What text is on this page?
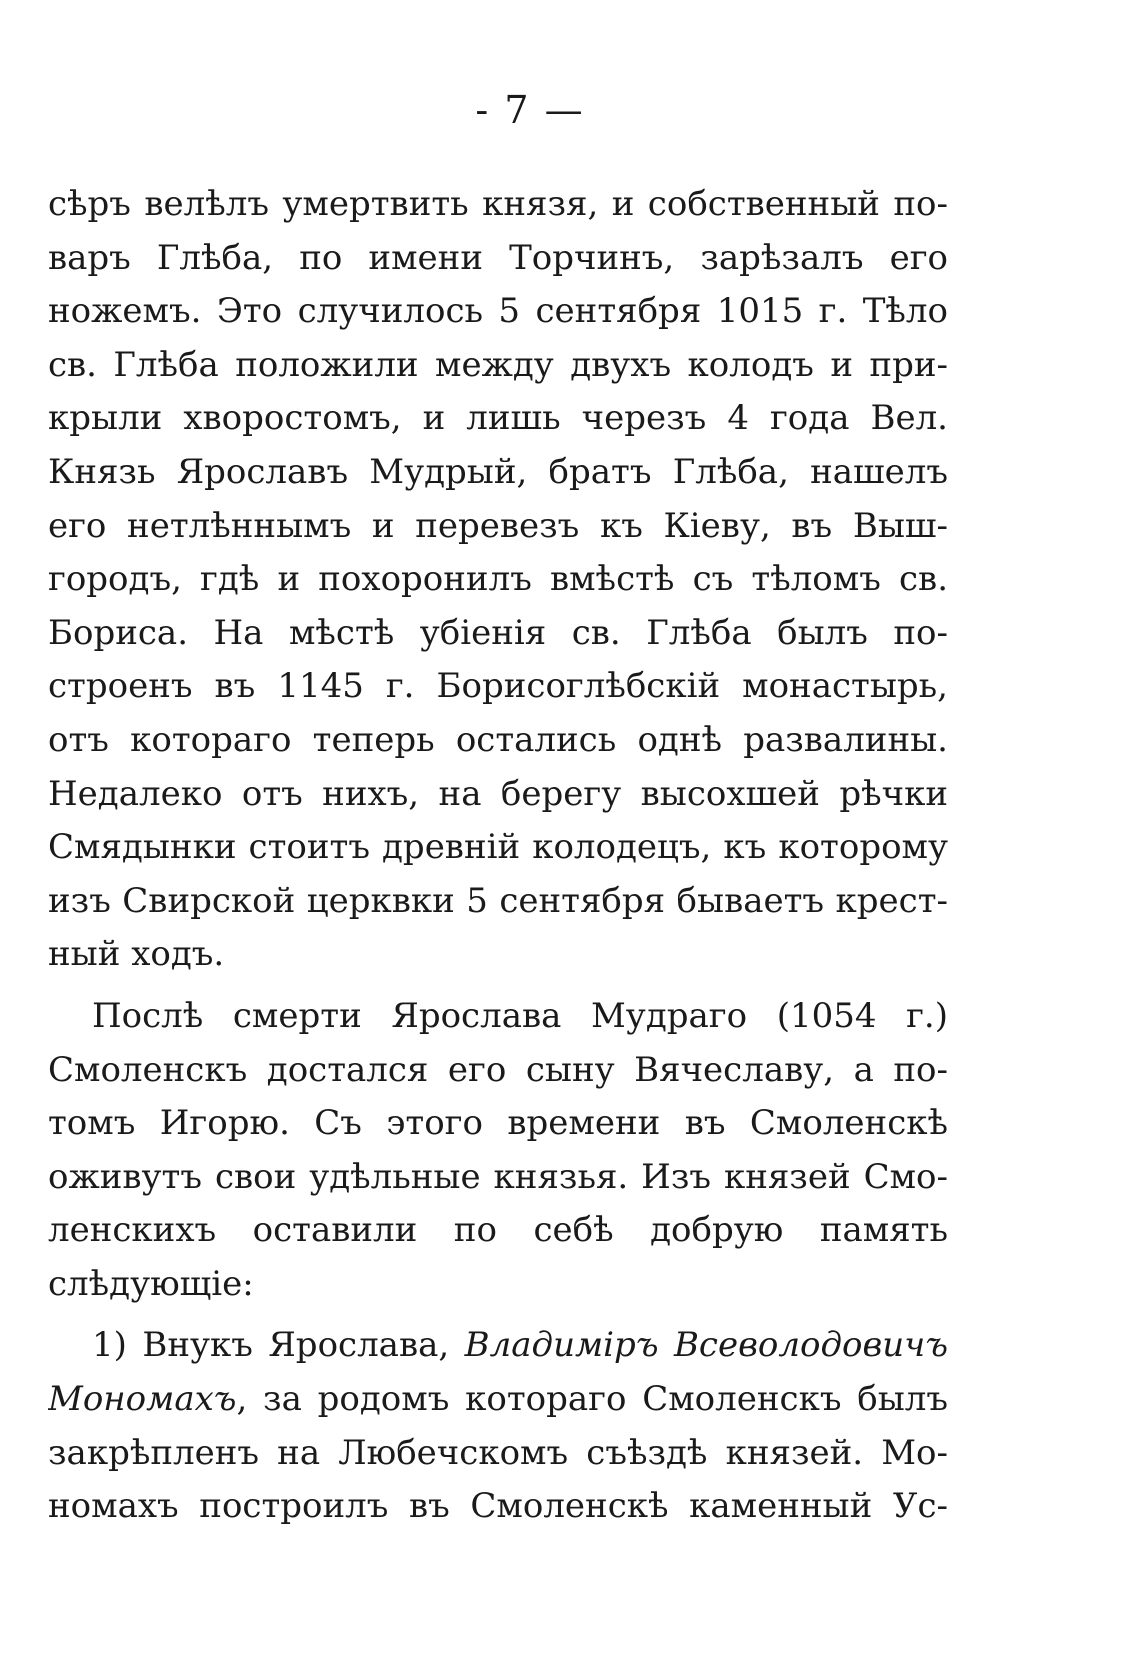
- 7 —
сѣръ велѣлъ умертвить князя, и собственный по-
варъ Глѣба, по имени Торчинъ, зарѣзалъ его
ножемъ. Это случилось 5 сентября 1015 г. Тѣло
св. Глѣба положили между двухъ колодъ и при-
крыли хворостомъ, и лишь черезъ 4 года Вел.
Князь Ярославъ Мудрый, братъ Глѣба, нашелъ
его нетлѣннымъ и перевезъ къ Кіеву, въ Выш-
городъ, гдѣ и похоронилъ вмѣстѣ съ тѣломъ св.
Бориса. На мѣстѣ убіенія св. Глѣба былъ по-
строенъ въ 1145 г. Борисоглѣбскій монастырь,
отъ котораго теперь остались однѣ развалины.
Недалеко отъ нихъ, на берегу высохшей рѣчки
Смядынки стоитъ древній колодецъ, къ которому
изъ Свирской церквки 5 сентября бываетъ крест-
ный ходъ.
Послѣ смерти Ярослава Мудраго (1054 г.)
Смоленскъ достался его сыну Вячеславу, а по-
томъ Игорю. Съ этого времени въ Смоленскѣ
оживутъ свои удѣльные князья. Изъ князей Смо-
ленскихъ оставили по себѣ добрую память
слѣдующіе:
1) Внукъ Ярослава, Владиміръ Всеволодовичъ
Мономахъ, за родомъ котораго Смоленскъ былъ
закрѣпленъ на Любечскомъ съѣздѣ князей. Мо-
номахъ построилъ въ Смоленскѣ каменный Ус-
